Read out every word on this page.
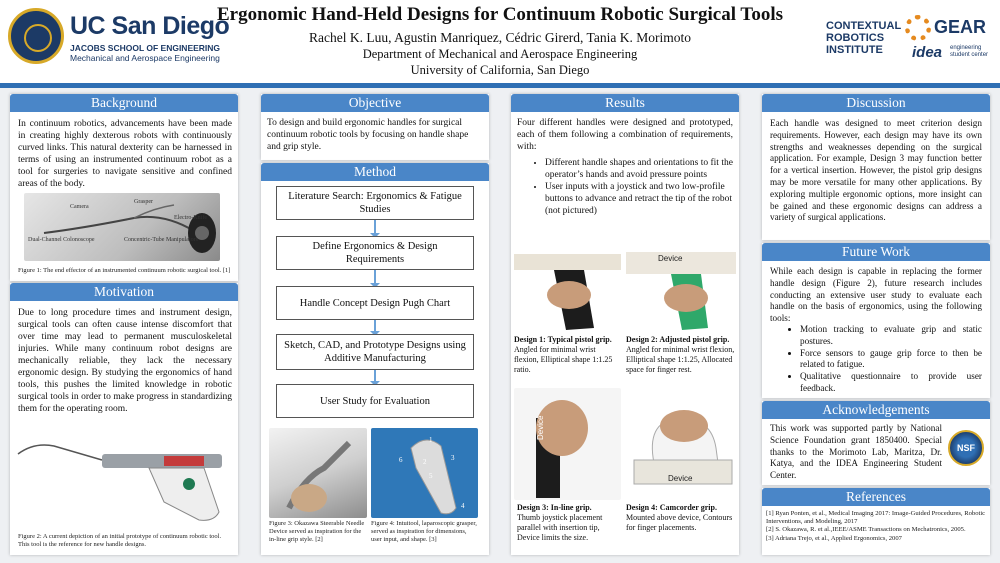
UC San Diego
JACOBS SCHOOL OF ENGINEERING
Mechanical and Aerospace Engineering
Ergonomic Hand-Held Designs for Continuum Robotic Surgical Tools
Rachel K. Luu, Agustin Manriquez, Cédric Girerd, Tania K. Morimoto
Department of Mechanical and Aerospace Engineering
University of California, San Diego
CONTEXTUAL
ROBOTICS
INSTITUTE
GEAR
idea engineering student center
Background
In continuum robotics, advancements have been made in creating highly dexterous robots with continuously curved links. This natural dexterity can be harnessed in terms of using an instrumented continuum robot as a tool for surgeries to navigate sensitive and confined areas of the body.
Camera
Grasper
Electro-Knife
Dual-Channel Colonoscope	Concentric-Tube Manipulators
Figure 1: The end effector of an instrumented continuum robotic surgical tool. [1]
Motivation
Due to long procedure times and instrument design, surgical tools can often cause intense discomfort that over time may lead to permanent musculoskeletal injuries. While many continuum robot designs are mechanically reliable, they lack the necessary ergonomic design. By studying the ergonomics of hand tools, this pushes the limited knowledge in robotic surgical tools in order to make progress in standardizing them for the operating room.
Figure 2: A current depiction of an initial prototype of continuum robotic tool. This tool is the reference for new handle designs.
Objective
To design and build ergonomic handles for surgical continuum robotic tools by focusing on handle shape and grip style.
Method
Literature Search: Ergonomics & Fatigue Studies
Define Ergonomics & Design Requirements
Handle Concept Design Pugh Chart
Sketch, CAD, and Prototype Designs using Additive Manufacturing
User Study for Evaluation
1
2	3
4
5
6
Figure 3: Okazawa Steerable Needle Device served as inspiration for the in-line grip style. [2]
Figure 4: Intuitool, laparoscopic grasper, served as inspiration for dimensions, user input, and shape. [3]
Results
Four different handles were designed and prototyped, each of them following a combination of requirements, with:
• Different handle shapes and orientations to fit the operator’s hands and avoid pressure points
• User inputs with a joystick and two low-profile buttons to advance and retract the tip of the robot (not pictured)
Device
Design 1: Typical pistol grip.
Angled for minimal wrist flexion, Elliptical shape 1:1.25 ratio.
Design 2: Adjusted pistol grip.
Angled for minimal wrist flexion, Elliptical shape 1:1.25, Allocated space for finger rest.
Device
Device
Design 3: In-line grip.
Thumb joystick placement parallel with insertion tip, Device limits the size.
Design 4: Camcorder grip.
Mounted above device, Contours for finger placements.
Discussion
Each handle was designed to meet criterion design requirements. However, each design may have its own strengths and weaknesses depending on the surgical application. For example, Design 3 may function better for a vertical insertion. However, the pistol grip designs may be more versatile for many other applications. By exploring multiple ergonomic options, more insight can be gained and these ergonomic designs can address a variety of surgical applications.
Future Work
While each design is capable in replacing the former handle design (Figure 2), future research includes conducting an extensive user study to evaluate each handle on the basis of ergonomics, using the following tools:
• Motion tracking to evaluate grip and static postures.
• Force sensors to gauge grip force to then be related to fatigue.
• Qualitative questionnaire to provide user feedback.
Acknowledgements
This work was supported partly by National Science Foundation grant 1850400. Special thanks to the Morimoto Lab, Maritza, Dr. Katya, and the IDEA Engineering Student Center.
NSF
References
[1] Ryan Ponten, et al., Medical Imaging 2017: Image-Guided Procedures, Robotic Interventions, and Modeling, 2017
[2] S. Okazawa, R. et al.,IEEE/ASME Transactions on Mechatronics, 2005.
[3] Adriana Trejo, et al., Applied Ergonomics, 2007
